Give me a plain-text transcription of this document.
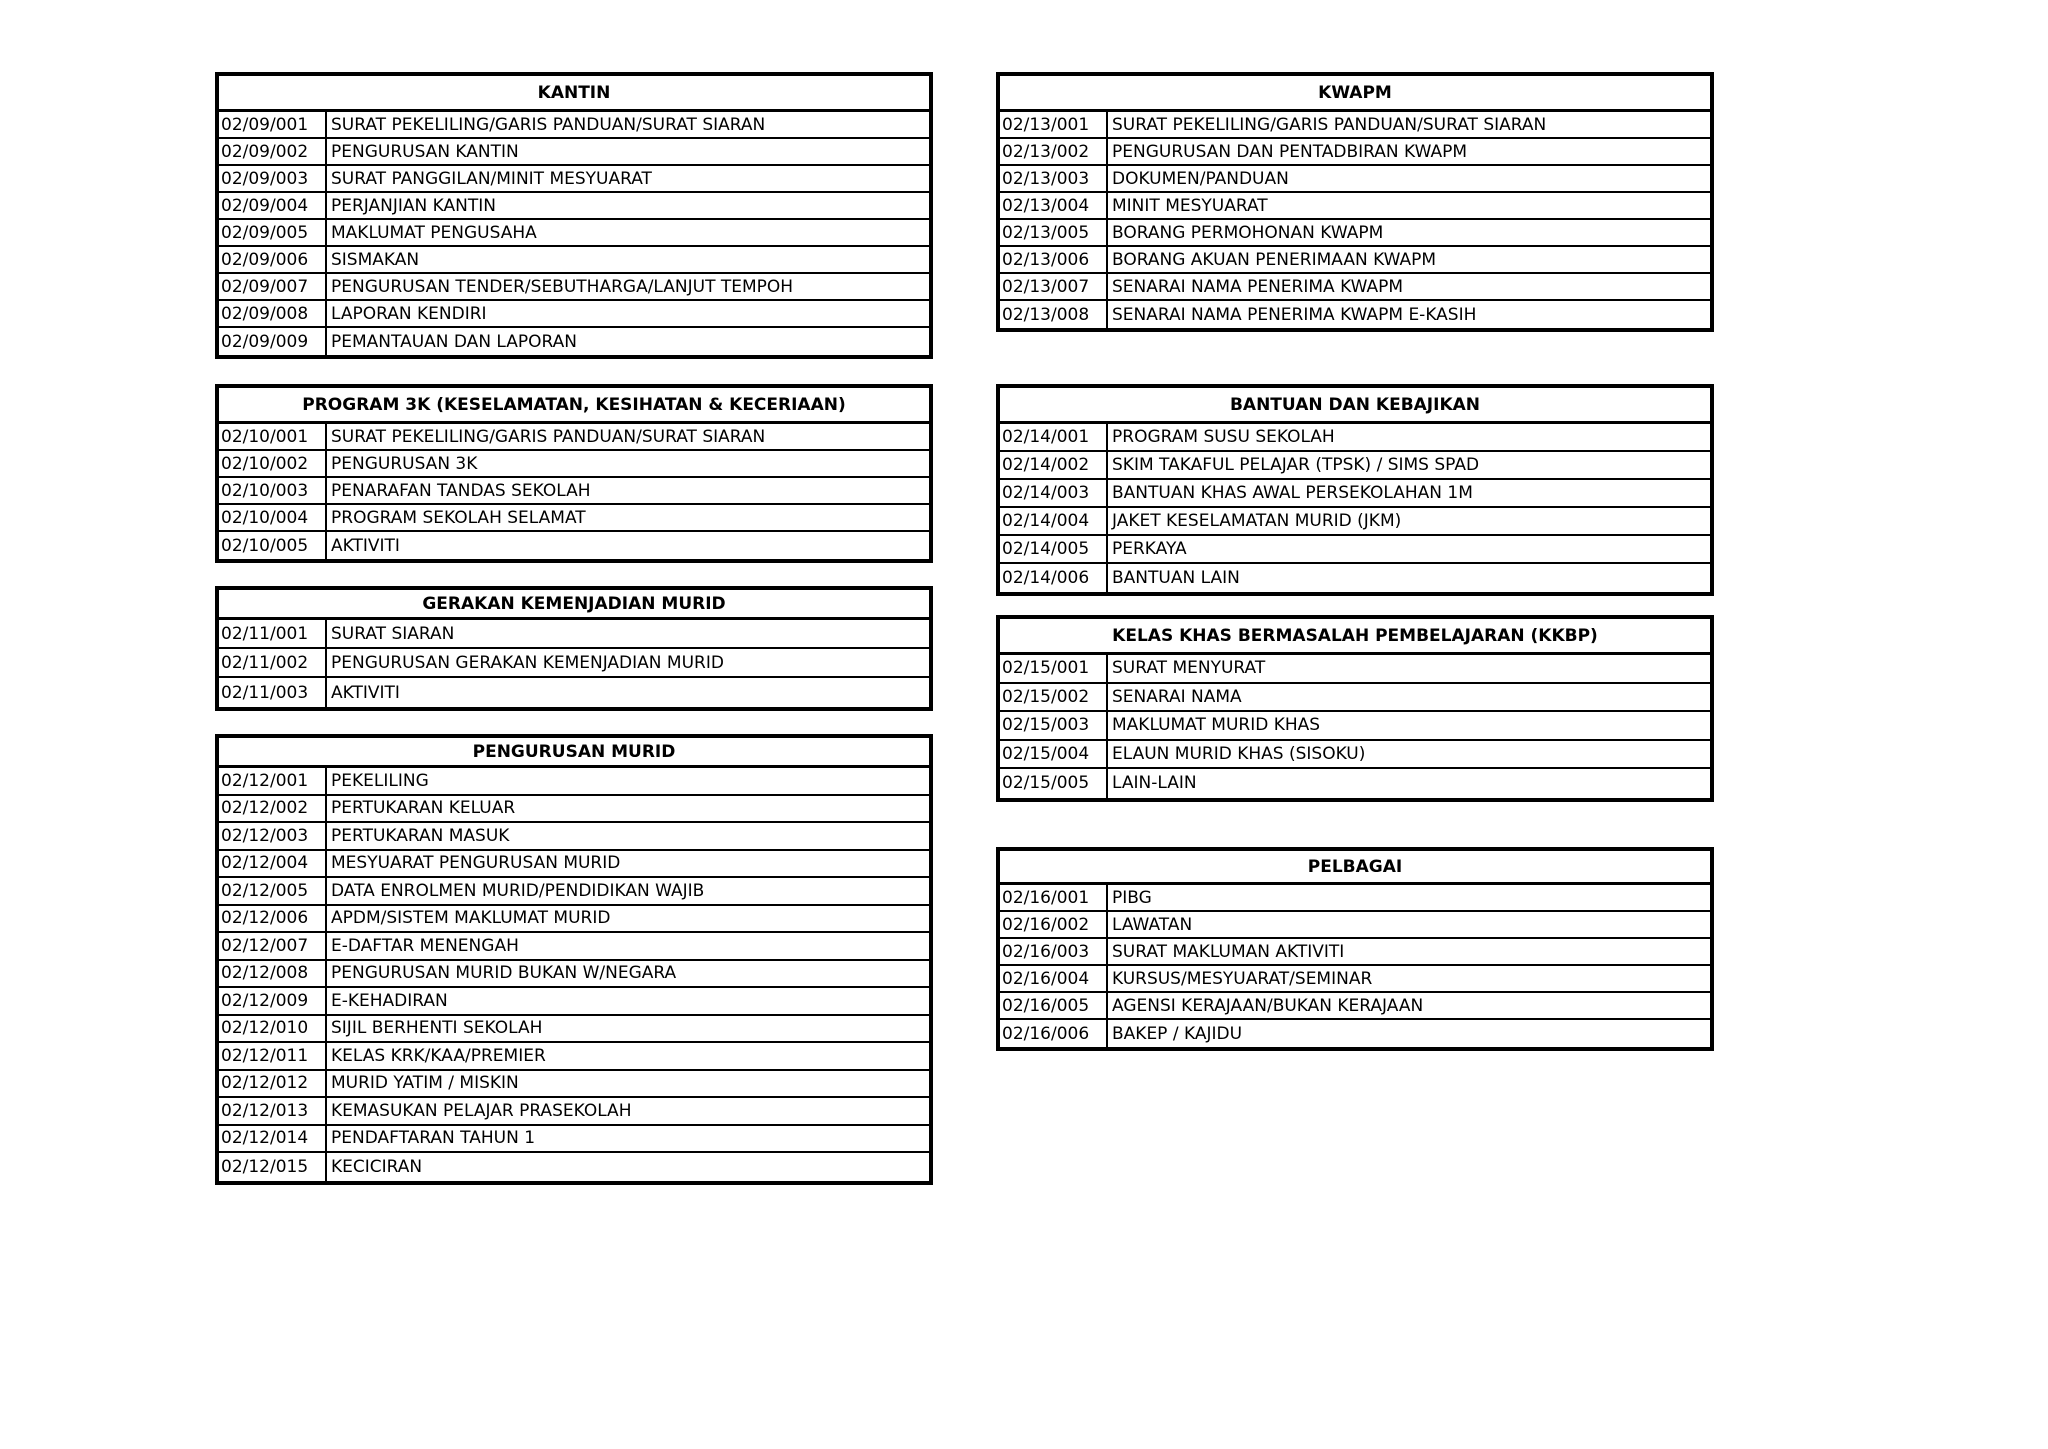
KANTIN
02/09/001	SURAT PEKELILING/GARIS PANDUAN/SURAT SIARAN
02/09/002	PENGURUSAN KANTIN
02/09/003	SURAT PANGGILAN/MINIT MESYUARAT
02/09/004	PERJANJIAN KANTIN
02/09/005	MAKLUMAT PENGUSAHA
02/09/006	SISMAKAN
02/09/007	PENGURUSAN TENDER/SEBUTHARGA/LANJUT TEMPOH
02/09/008	LAPORAN KENDIRI
02/09/009	PEMANTAUAN DAN LAPORAN
PROGRAM 3K (KESELAMATAN, KESIHATAN & KECERIAAN)
02/10/001	SURAT PEKELILING/GARIS PANDUAN/SURAT SIARAN
02/10/002	PENGURUSAN 3K
02/10/003	PENARAFAN TANDAS SEKOLAH
02/10/004	PROGRAM SEKOLAH SELAMAT
02/10/005	AKTIVITI
GERAKAN KEMENJADIAN MURID
02/11/001	SURAT SIARAN
02/11/002	PENGURUSAN GERAKAN KEMENJADIAN MURID
02/11/003	AKTIVITI
PENGURUSAN MURID
02/12/001	PEKELILING
02/12/002	PERTUKARAN KELUAR
02/12/003	PERTUKARAN MASUK
02/12/004	MESYUARAT PENGURUSAN MURID
02/12/005	DATA ENROLMEN MURID/PENDIDIKAN WAJIB
02/12/006	APDM/SISTEM MAKLUMAT MURID
02/12/007	E-DAFTAR MENENGAH
02/12/008	PENGURUSAN MURID BUKAN W/NEGARA
02/12/009	E-KEHADIRAN
02/12/010	SIJIL BERHENTI SEKOLAH
02/12/011	KELAS KRK/KAA/PREMIER
02/12/012	MURID YATIM / MISKIN
02/12/013	KEMASUKAN PELAJAR PRASEKOLAH
02/12/014	PENDAFTARAN TAHUN 1
02/12/015	KECICIRAN
KWAPM
02/13/001	SURAT PEKELILING/GARIS PANDUAN/SURAT SIARAN
02/13/002	PENGURUSAN DAN PENTADBIRAN KWAPM
02/13/003	DOKUMEN/PANDUAN
02/13/004	MINIT MESYUARAT
02/13/005	BORANG PERMOHONAN KWAPM
02/13/006	BORANG AKUAN PENERIMAAN KWAPM
02/13/007	SENARAI NAMA PENERIMA KWAPM
02/13/008	SENARAI NAMA PENERIMA KWAPM E-KASIH
BANTUAN DAN KEBAJIKAN
02/14/001	PROGRAM SUSU SEKOLAH
02/14/002	SKIM TAKAFUL PELAJAR (TPSK) / SIMS SPAD
02/14/003	BANTUAN KHAS AWAL PERSEKOLAHAN 1M
02/14/004	JAKET KESELAMATAN MURID (JKM)
02/14/005	PERKAYA
02/14/006	BANTUAN LAIN
KELAS KHAS BERMASALAH PEMBELAJARAN (KKBP)
02/15/001	SURAT MENYURAT
02/15/002	SENARAI NAMA
02/15/003	MAKLUMAT MURID KHAS
02/15/004	ELAUN MURID KHAS (SISOKU)
02/15/005	LAIN-LAIN
PELBAGAI
02/16/001	PIBG
02/16/002	LAWATAN
02/16/003	SURAT MAKLUMAN AKTIVITI
02/16/004	KURSUS/MESYUARAT/SEMINAR
02/16/005	AGENSI KERAJAAN/BUKAN KERAJAAN
02/16/006	BAKEP / KAJIDU
